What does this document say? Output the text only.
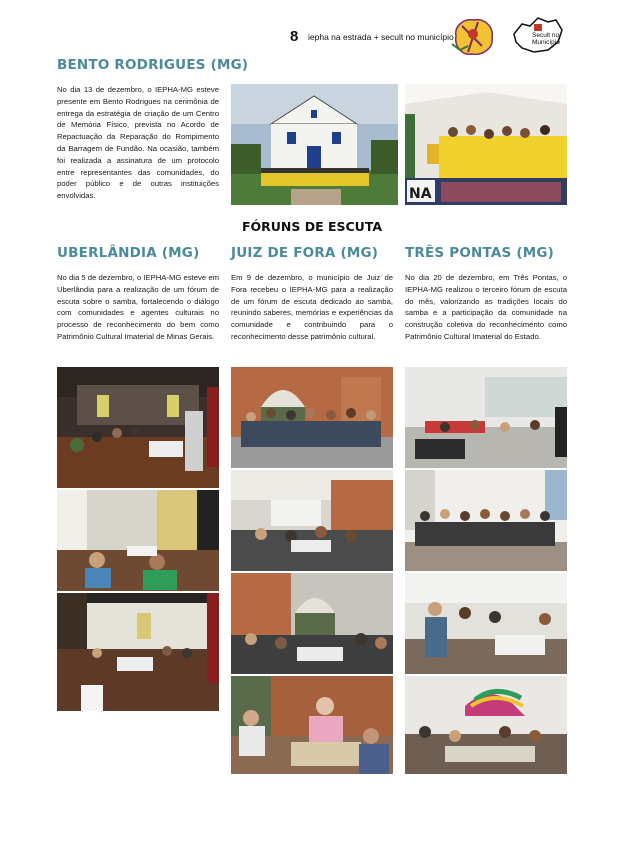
8 iepha na estrada + secult no município	Secult no
Município
BENTO RODRIGUES (MG)

No dia 13 de dezembro, o IEPHA-MG esteve presente em Bento Rodrigues na cerimônia de entrega da estratégia de criação de um Centro de Memória Físico, prevista no Acordo de Repactuação da Reparação do Rompimento da Barragem de Fundão. Na ocasião, também foi realizada a assinatura de um protocolo entre representantes das comunidades, do poder público e de outras instituições envolvidas.	NA
FÓRUNS DE ESCUTA
UBERLÂNDIA (MG)

No dia 5 de dezembro, o IEPHA-MG esteve em Uberlândia para a realização de um fórum de escuta sobre o samba, fortalecendo o diálogo com comunidades e agentes culturais no processo de reconhecimento do bem como Patrimônio Cultural Imaterial de Minas Gerais.

JUIZ DE FORA (MG)

Em 9 de dezembro, o município de Juiz de Fora recebeu o IEPHA-MG para a realização de um fórum de escuta dedicado ao samba, reunindo saberes, memórias e experiências da comunidade e contribuindo para o reconhecimento desse patrimônio cultural.

TRÊS PONTAS (MG)

No dia 20 de dezembro, em Três Pontas, o IEPHA-MG realizou o terceiro fórum de escuta do mês, valorizando as tradições locais do samba e a participação da comunidade na construção coletiva do reconhecimento como Patrimônio Cultural Imaterial do Estado.
